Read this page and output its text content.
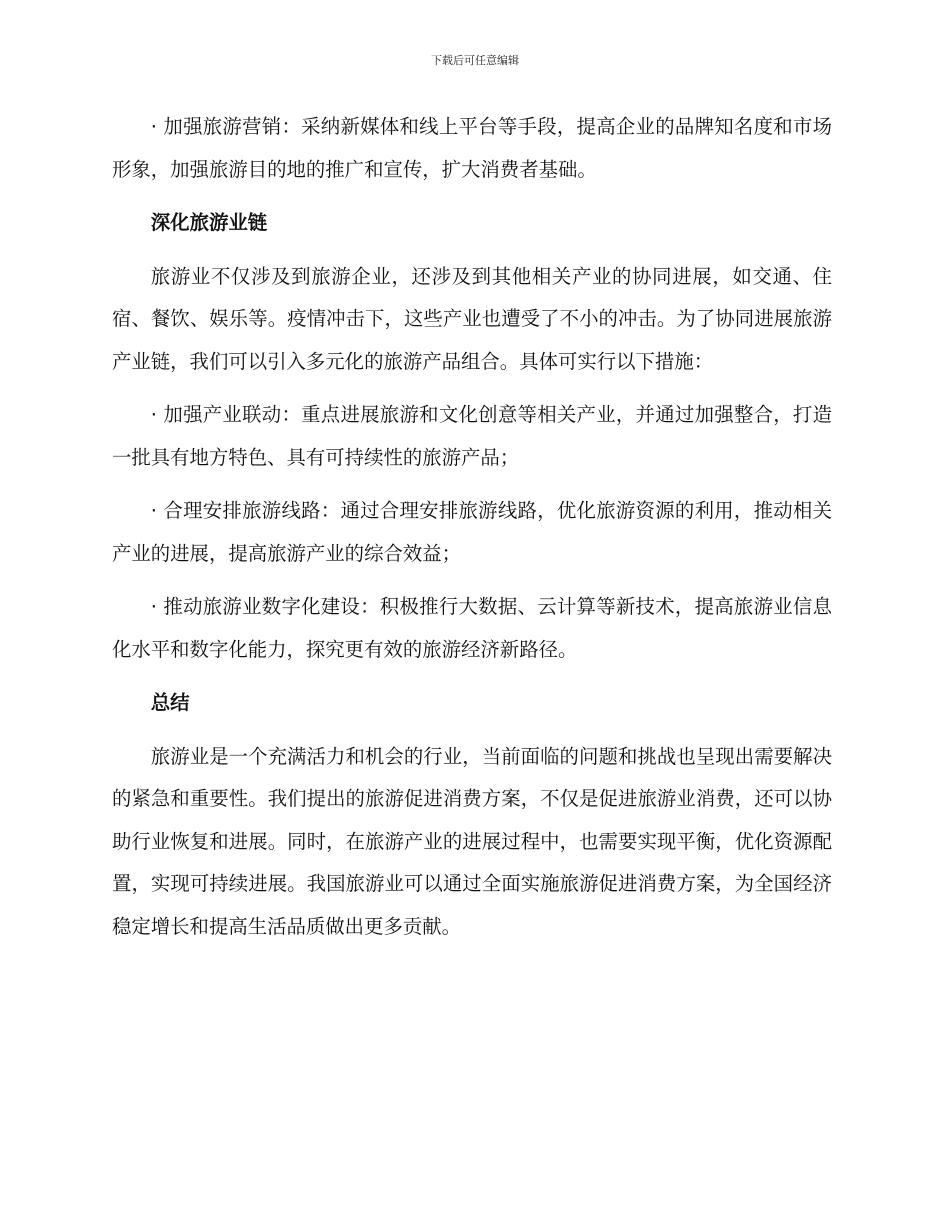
下载后可任意编辑

· 加强旅游营销：采纳新媒体和线上平台等手段，提高企业的品牌知名度和市场形象，加强旅游目的地的推广和宣传，扩大消费者基础。

深化旅游业链

旅游业不仅涉及到旅游企业，还涉及到其他相关产业的协同进展，如交通、住宿、餐饮、娱乐等。疫情冲击下，这些产业也遭受了不小的冲击。为了协同进展旅游产业链，我们可以引入多元化的旅游产品组合。具体可实行以下措施：

· 加强产业联动：重点进展旅游和文化创意等相关产业，并通过加强整合，打造一批具有地方特色、具有可持续性的旅游产品；

· 合理安排旅游线路：通过合理安排旅游线路，优化旅游资源的利用，推动相关产业的进展，提高旅游产业的综合效益；

· 推动旅游业数字化建设：积极推行大数据、云计算等新技术，提高旅游业信息化水平和数字化能力，探究更有效的旅游经济新路径。

总结

旅游业是一个充满活力和机会的行业，当前面临的问题和挑战也呈现出需要解决的紧急和重要性。我们提出的旅游促进消费方案，不仅是促进旅游业消费，还可以协助行业恢复和进展。同时，在旅游产业的进展过程中，也需要实现平衡，优化资源配置，实现可持续进展。我国旅游业可以通过全面实施旅游促进消费方案，为全国经济稳定增长和提高生活品质做出更多贡献。
